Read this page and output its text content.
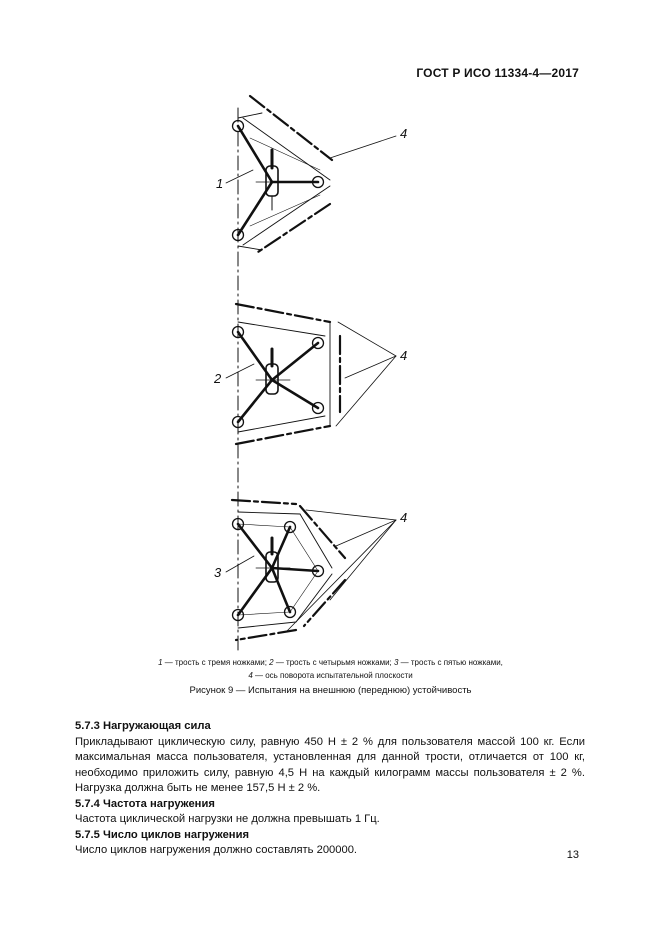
ГОСТ Р ИСО 11334-4—2017
1
4
2
4
3
4
1 — трость с тремя ножками; 2 — трость с четырьмя ножками; 3 — трость с пятью ножками,
4 — ось поворота испытательной плоскости
Рисунок 9 — Испытания на внешнюю (переднюю) устойчивость

5.7.3 Нагружающая сила

Прикладывают циклическую силу, равную 450 Н ± 2 % для пользователя массой 100 кг. Если максимальная масса пользователя, установленная для данной трости, отличается от 100 кг, необходимо приложить силу, равную 4,5 Н на каждый килограмм массы пользователя ± 2 %. Нагрузка должна быть не менее 157,5 Н ± 2 %.

5.7.4 Частота нагружения

Частота циклической нагрузки не должна превышать 1 Гц.

5.7.5 Число циклов нагружения

Число циклов нагружения должно составлять 200000.	13
